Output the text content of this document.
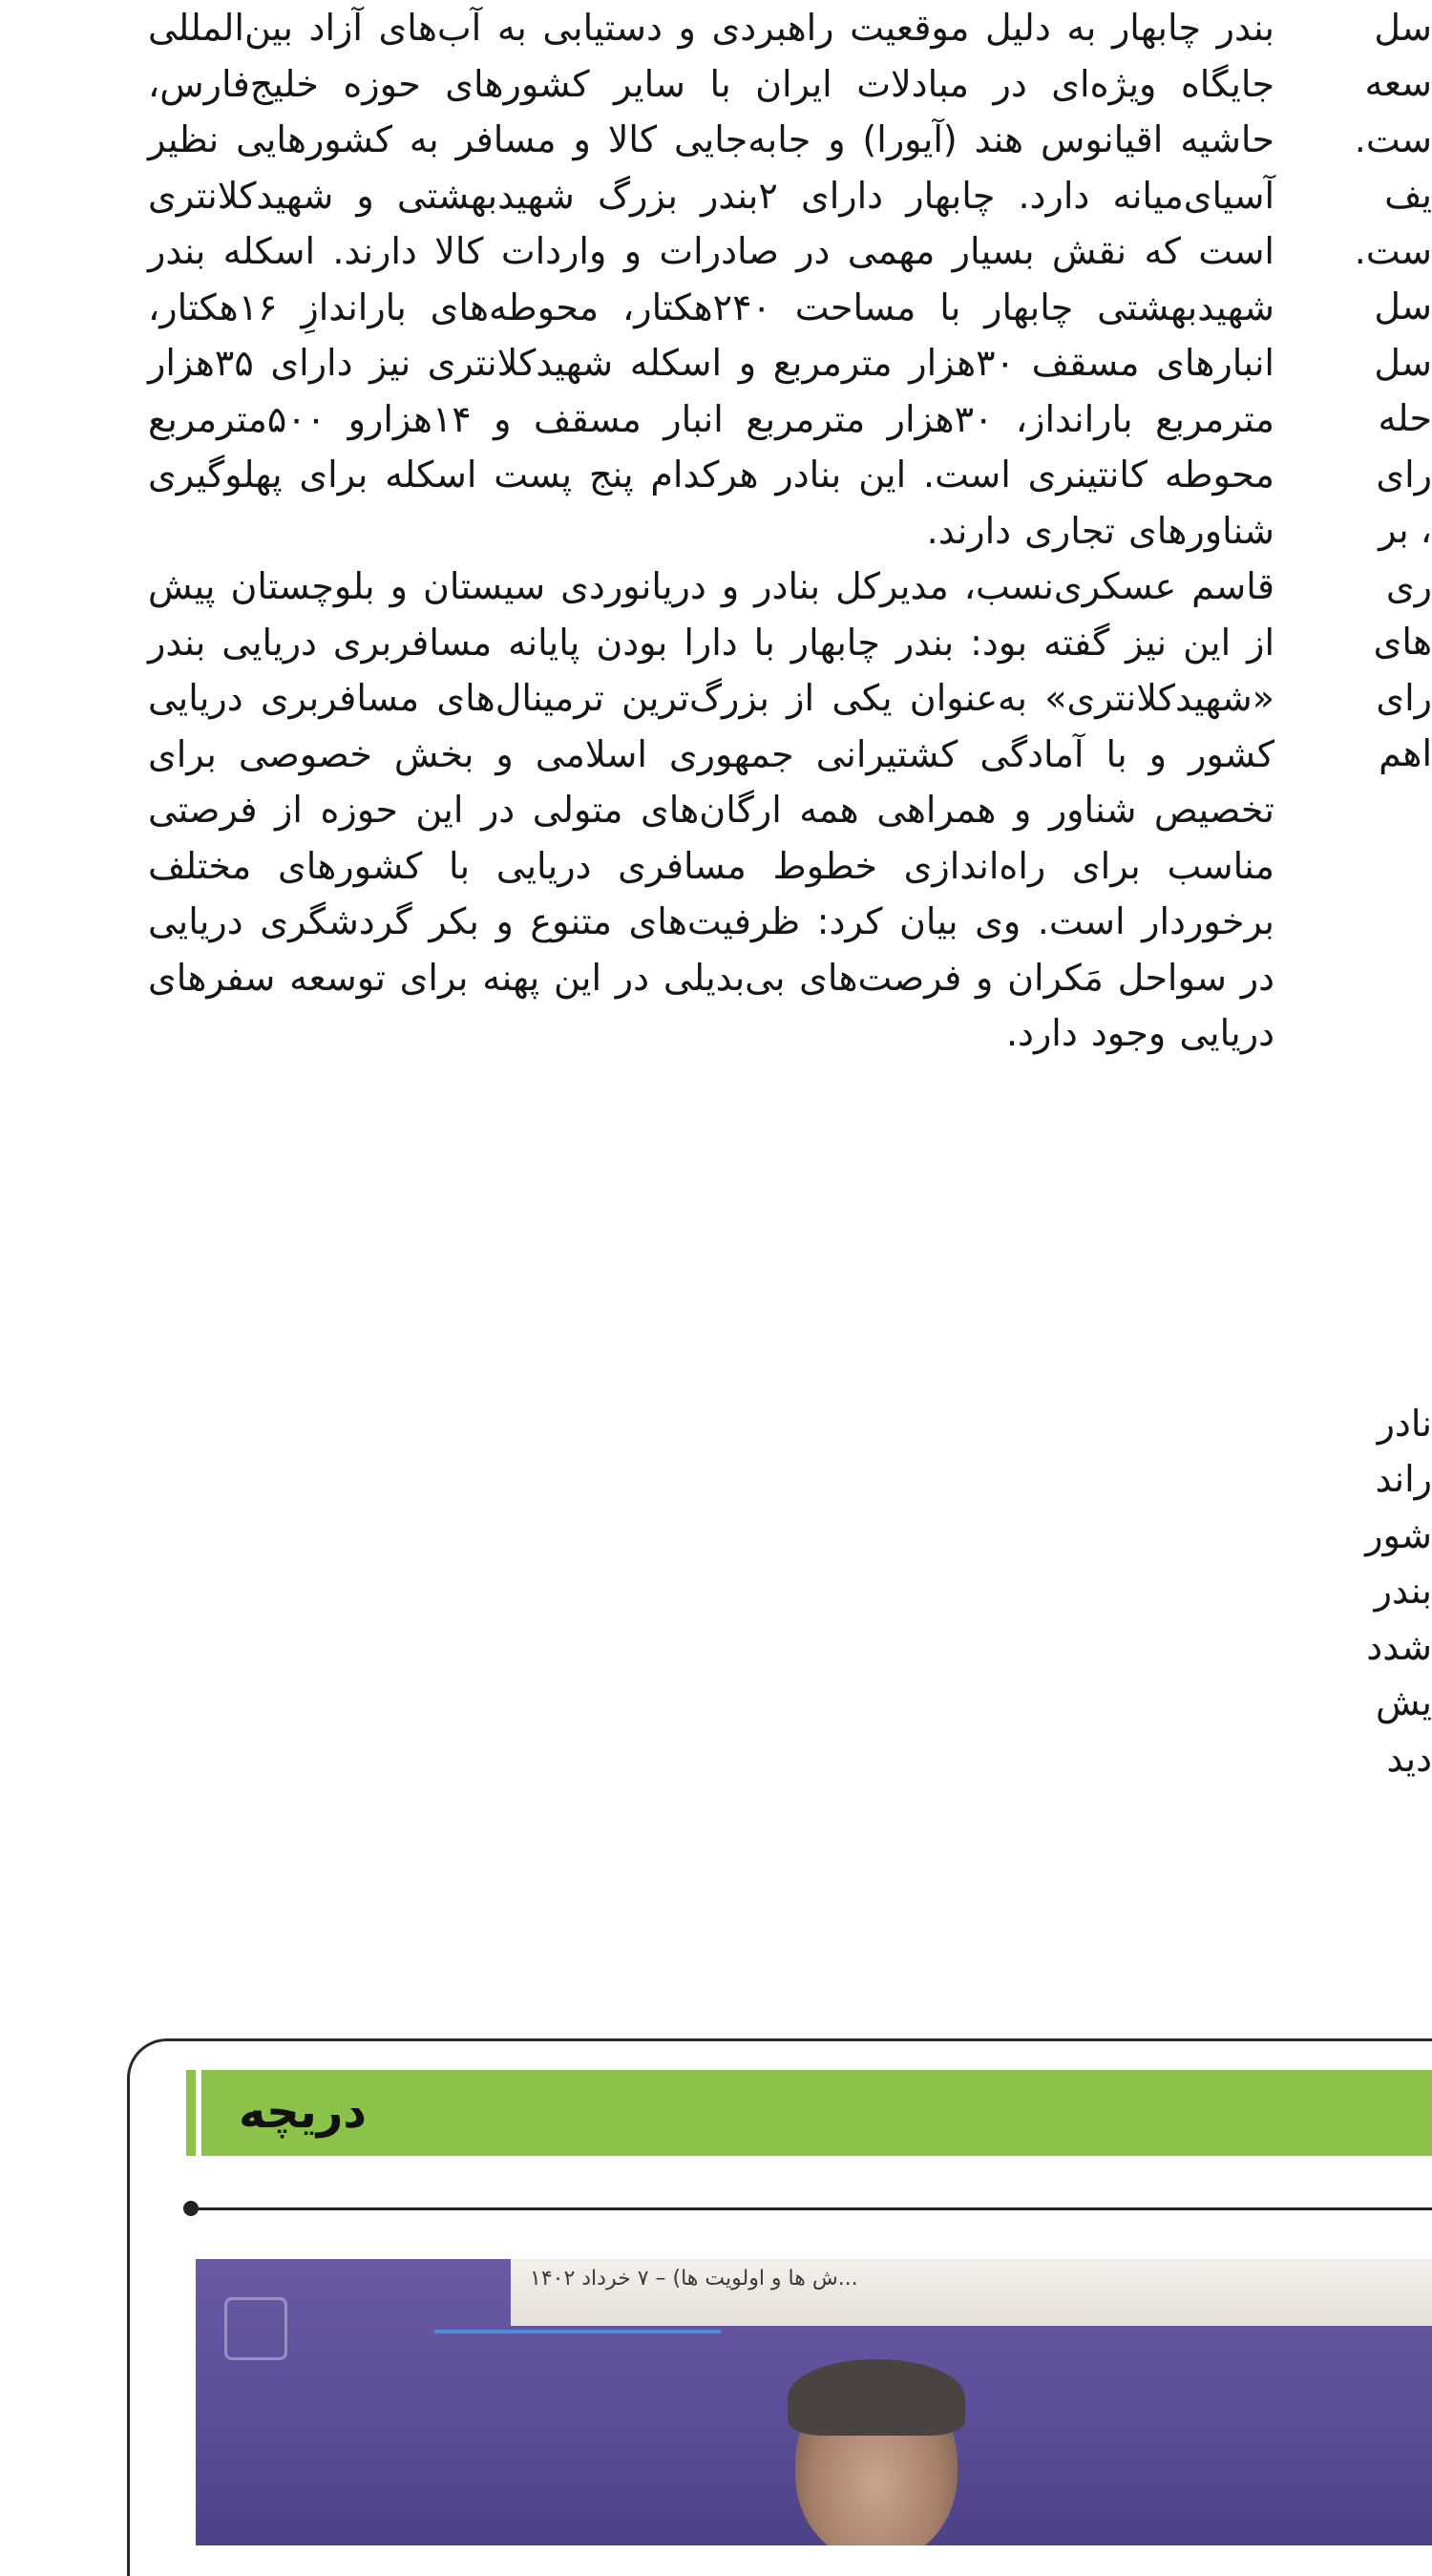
بندر چابهار به دلیل موقعیت راهبردی و دستیابی به آب‌های آزاد بین‌المللی جایگاه ویژه‌ای در مبادلات ایران با سایر کشورهای حوزه خلیج‌فارس، حاشیه اقیانوس هند (آیورا) و جابه‌جایی کالا و مسافر به کشورهایی نظیر آسیای‌میانه دارد. چابهار دارای ۲بندر بزرگ شهیدبهشتی و شهیدکلانتری است که نقش بسیار مهمی در صادرات و واردات کالا دارند. اسکله بندر شهیدبهشتی چابهار با مساحت ۲۴۰هکتار، محوطه‌های باراندازِ ۱۶هکتار، انبارهای مسقف ۳۰هزار مترمربع و اسکله شهیدکلانتری نیز دارای ۳۵هزار مترمربع بارانداز، ۳۰هزار مترمربع انبار مسقف و ۱۴هزارو ۵۰۰مترمربع محوطه کانتینری است. این بنادر هرکدام پنج پست اسکله برای پهلوگیری شناورهای تجاری دارند.

قاسم عسکری‌نسب، مدیرکل بنادر و دریانوردی سیستان و بلوچستان پیش از این نیز گفته بود: بندر چابهار با دارا بودن پایانه مسافربری دریایی بندر «شهیدکلانتری» به‌عنوان یکی از بزرگ‌ترین ترمینال‌های مسافربری دریایی کشور و با آمادگی کشتیرانی جمهوری اسلامی و بخش خصوصی برای تخصیص شناور و همراهی همه ارگان‌های متولی در این حوزه از فرصتی مناسب برای راه‌اندازی خطوط مسافری دریایی با کشورهای مختلف برخوردار است. وی بیان کرد: ظرفیت‌های متنوع و بکر گردشگری دریایی در سواحل مَکران و فرصت‌های بی‌بدیلی در این پهنه برای توسعه سفرهای دریایی وجود دارد.

سل
سعه
ست.
یف
ست.
سل
سل
حله
رای
، بر
ری
های
رای
اهم
نادر
راند
شور
بندر
شدد
یش
دید
دریچه
...ش ها و اولویت ها) – ۷ خرداد ۱۴۰۲
